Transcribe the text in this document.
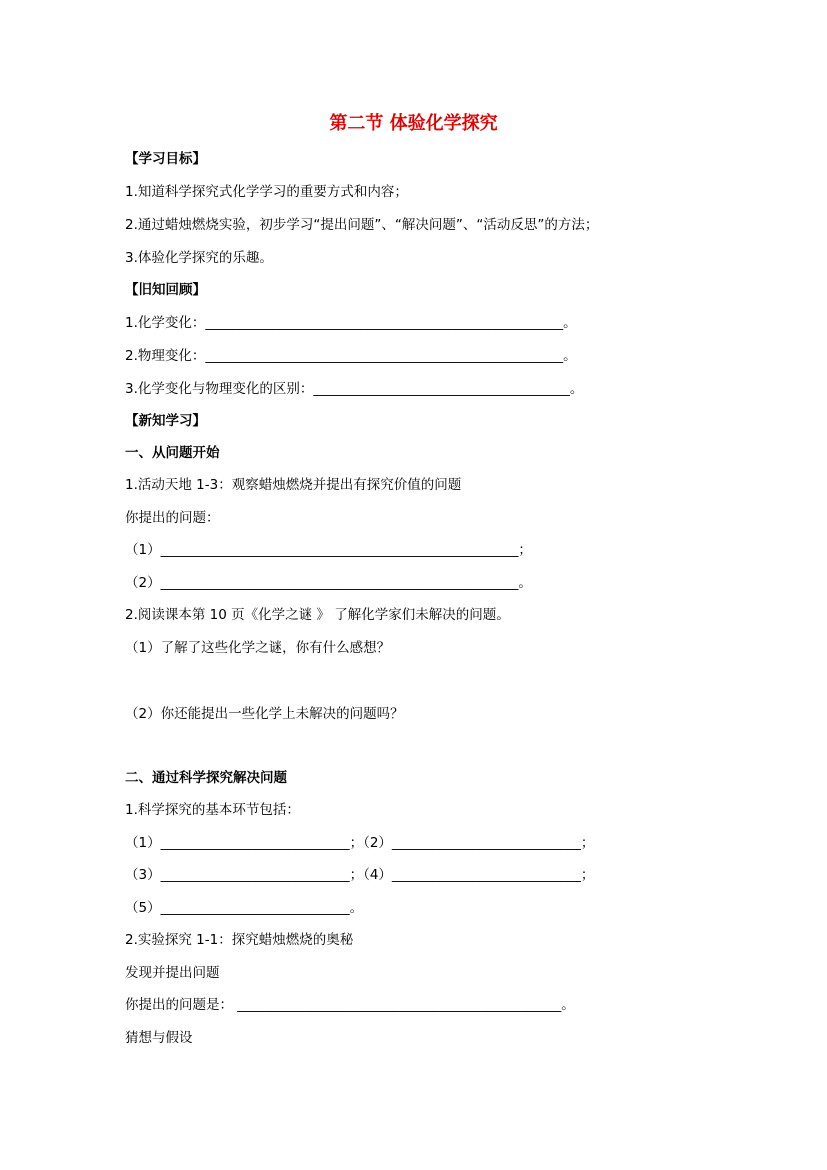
第二节 体验化学探究

【学习目标】

1.知道科学探究式化学学习的重要方式和内容；

2.通过蜡烛燃烧实验，初步学习“提出问题”、“解决问题”、“活动反思”的方法；

3.体验化学探究的乐趣。

【旧知回顾】

1.化学变化：_____________________________________________________。

2.物理变化：_____________________________________________________。

3.化学变化与物理变化的区别：______________________________________。

【新知学习】

一、从问题开始

1.活动天地 1-3：观察蜡烛燃烧并提出有探究价值的问题

你提出的问题：

（1）_____________________________________________________；

（2）_____________________________________________________。

2.阅读课本第 10 页《化学之谜 》 了解化学家们未解决的问题。

（1）了解了这些化学之谜，你有什么感想？

（2）你还能提出一些化学上未解决的问题吗？

二、通过科学探究解决问题

1.科学探究的基本环节包括：

（1）____________________________；（2）____________________________；

（3）____________________________；（4）____________________________；

（5）____________________________。

2.实验探究 1-1：探究蜡烛燃烧的奥秘

发现并提出问题

你提出的问题是： ________________________________________________。

猜想与假设
